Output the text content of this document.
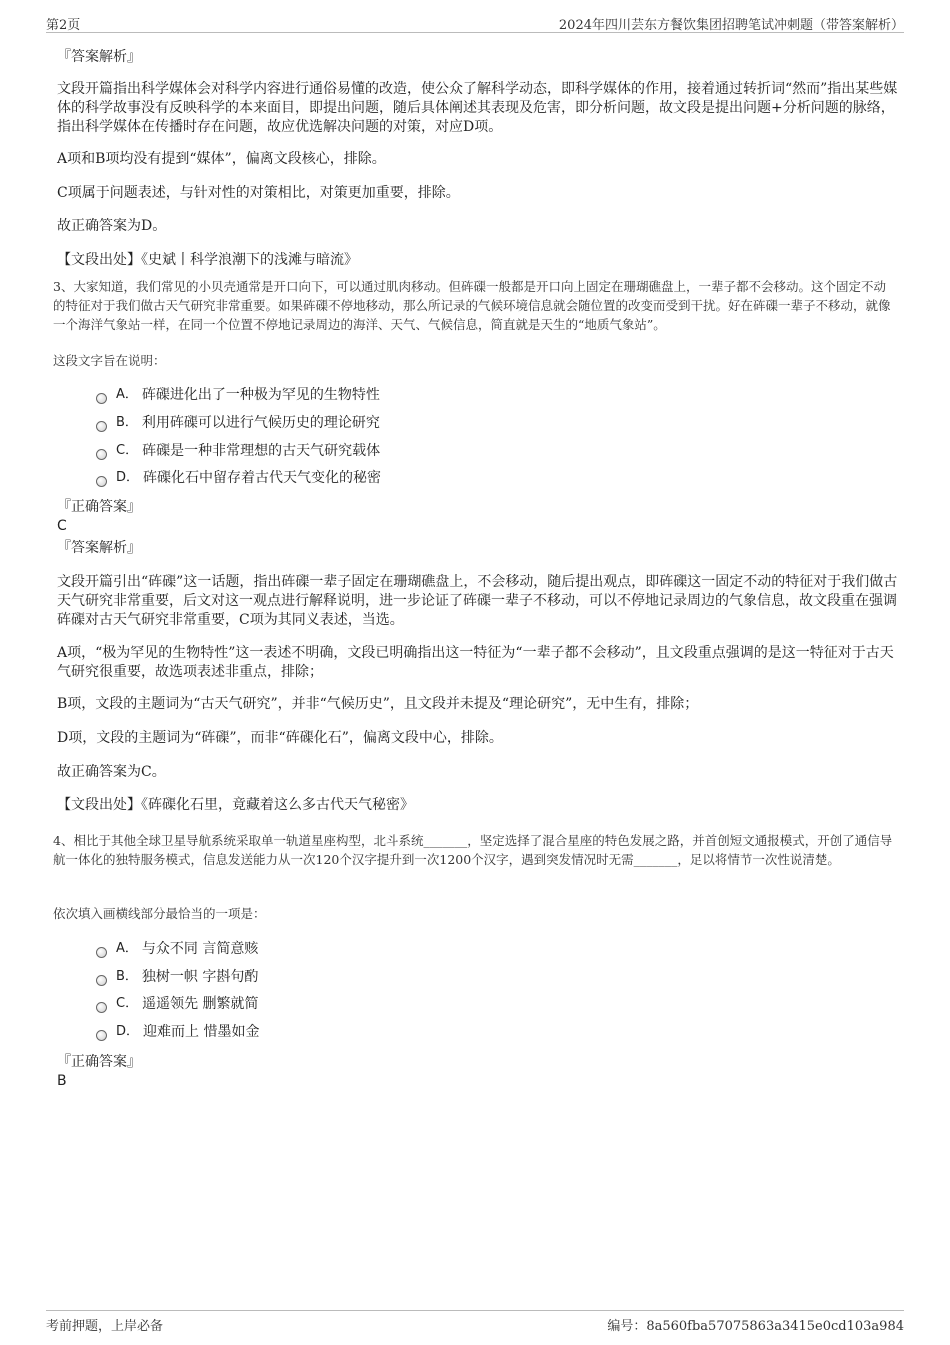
第2页	2024年四川芸东方餐饮集团招聘笔试冲刺题（带答案解析）

『答案解析』

文段开篇指出科学媒体会对科学内容进行通俗易懂的改造，使公众了解科学动态，即科学媒体的作用，接着通过转折词“然而”指出某些媒体的科学故事没有反映科学的本来面目，即提出问题，随后具体阐述其表现及危害，即分析问题，故文段是提出问题+分析问题的脉络，指出科学媒体在传播时存在问题，故应优选解决问题的对策，对应D项。

A项和B项均没有提到“媒体”，偏离文段核心，排除。

C项属于问题表述，与针对性的对策相比，对策更加重要，排除。

故正确答案为D。

【文段出处】《史斌丨科学浪潮下的浅滩与暗流》

3、大家知道，我们常见的小贝壳通常是开口向下，可以通过肌肉移动。但砗磲一般都是开口向上固定在珊瑚礁盘上，一辈子都不会移动。这个固定不动的特征对于我们做古天气研究非常重要。如果砗磲不停地移动，那么所记录的气候环境信息就会随位置的改变而受到干扰。好在砗磲一辈子不移动，就像一个海洋气象站一样，在同一个位置不停地记录周边的海洋、天气、气候信息，简直就是天生的“地质气象站”。

这段文字旨在说明：

A． 砗磲进化出了一种极为罕见的生物特性
B． 利用砗磲可以进行气候历史的理论研究
C． 砗磲是一种非常理想的古天气研究载体
D． 砗磲化石中留存着古代天气变化的秘密

『正确答案』

C

『答案解析』

文段开篇引出“砗磲”这一话题，指出砗磲一辈子固定在珊瑚礁盘上，不会移动，随后提出观点，即砗磲这一固定不动的特征对于我们做古天气研究非常重要，后文对这一观点进行解释说明，进一步论证了砗磲一辈子不移动，可以不停地记录周边的气象信息，故文段重在强调砗磲对古天气研究非常重要，C项为其同义表述，当选。

A项，“极为罕见的生物特性”这一表述不明确，文段已明确指出这一特征为“一辈子都不会移动”，且文段重点强调的是这一特征对于古天气研究很重要，故选项表述非重点，排除；

B项，文段的主题词为“古天气研究”，并非“气候历史”，且文段并未提及“理论研究”，无中生有，排除；

D项，文段的主题词为“砗磲”，而非“砗磲化石”，偏离文段中心，排除。

故正确答案为C。

【文段出处】《砗磲化石里，竟藏着这么多古代天气秘密》

4、相比于其他全球卫星导航系统采取单一轨道星座构型，北斗系统_______，坚定选择了混合星座的特色发展之路，并首创短文通报模式，开创了通信导航一体化的独特服务模式，信息发送能力从一次120个汉字提升到一次1200个汉字，遇到突发情况时无需_______，足以将情节一次性说清楚。

依次填入画横线部分最恰当的一项是：

A． 与众不同 言简意赅
B． 独树一帜 字斟句酌
C． 遥遥领先 删繁就简
D． 迎难而上 惜墨如金

『正确答案』

B

考前押题，上岸必备	编号：8a560fba57075863a3415e0cd103a984
